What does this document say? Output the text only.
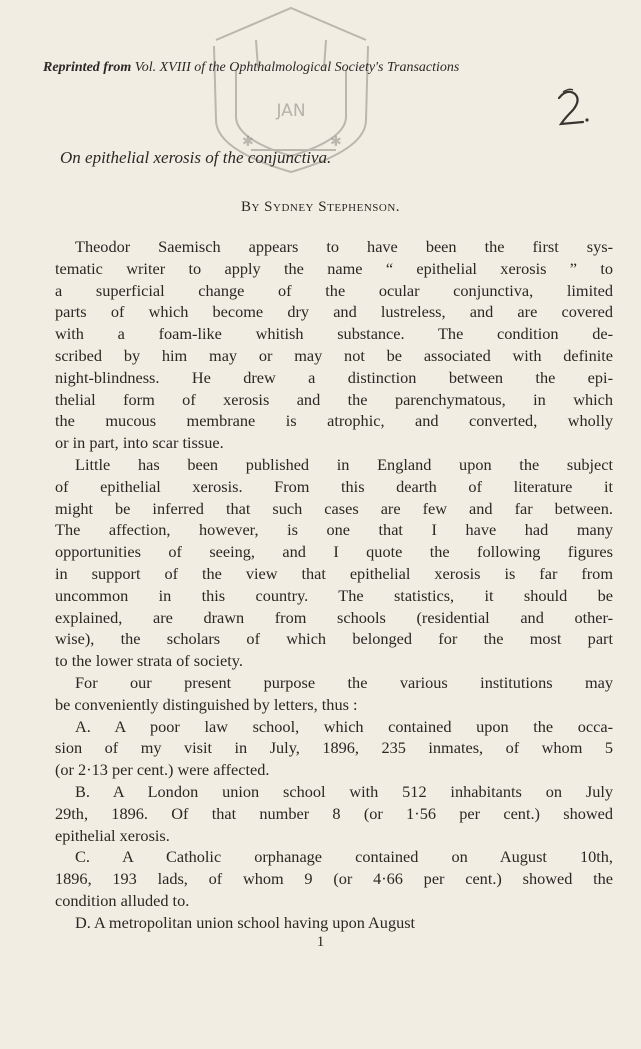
JAN
✱	✱
Reprinted from Vol. XVIII of the Ophthalmological Society's Transactions
On epithelial xerosis of the conjunctiva.
By Sydney Stephenson.
Theodor Saemisch appears to have been the first sys-
tematic writer to apply the name “ epithelial xerosis ” to
a superficial change of the ocular conjunctiva, limited
parts of which become dry and lustreless, and are covered
with a foam-like whitish substance. The condition de-
scribed by him may or may not be associated with definite
night-blindness. He drew a distinction between the epi-
thelial form of xerosis and the parenchymatous, in which
the mucous membrane is atrophic, and converted, wholly
or in part, into scar tissue.
Little has been published in England upon the subject
of epithelial xerosis. From this dearth of literature it
might be inferred that such cases are few and far between.
The affection, however, is one that I have had many
opportunities of seeing, and I quote the following figures
in support of the view that epithelial xerosis is far from
uncommon in this country. The statistics, it should be
explained, are drawn from schools (residential and other-
wise), the scholars of which belonged for the most part
to the lower strata of society.
For our present purpose the various institutions may
be conveniently distinguished by letters, thus :
A. A poor law school, which contained upon the occa-
sion of my visit in July, 1896, 235 inmates, of whom 5
(or 2·13 per cent.) were affected.
B. A London union school with 512 inhabitants on July
29th, 1896. Of that number 8 (or 1·56 per cent.) showed
epithelial xerosis.
C. A Catholic orphanage contained on August 10th,
1896, 193 lads, of whom 9 (or 4·66 per cent.) showed the
condition alluded to.
D. A metropolitan union school having upon August
1
